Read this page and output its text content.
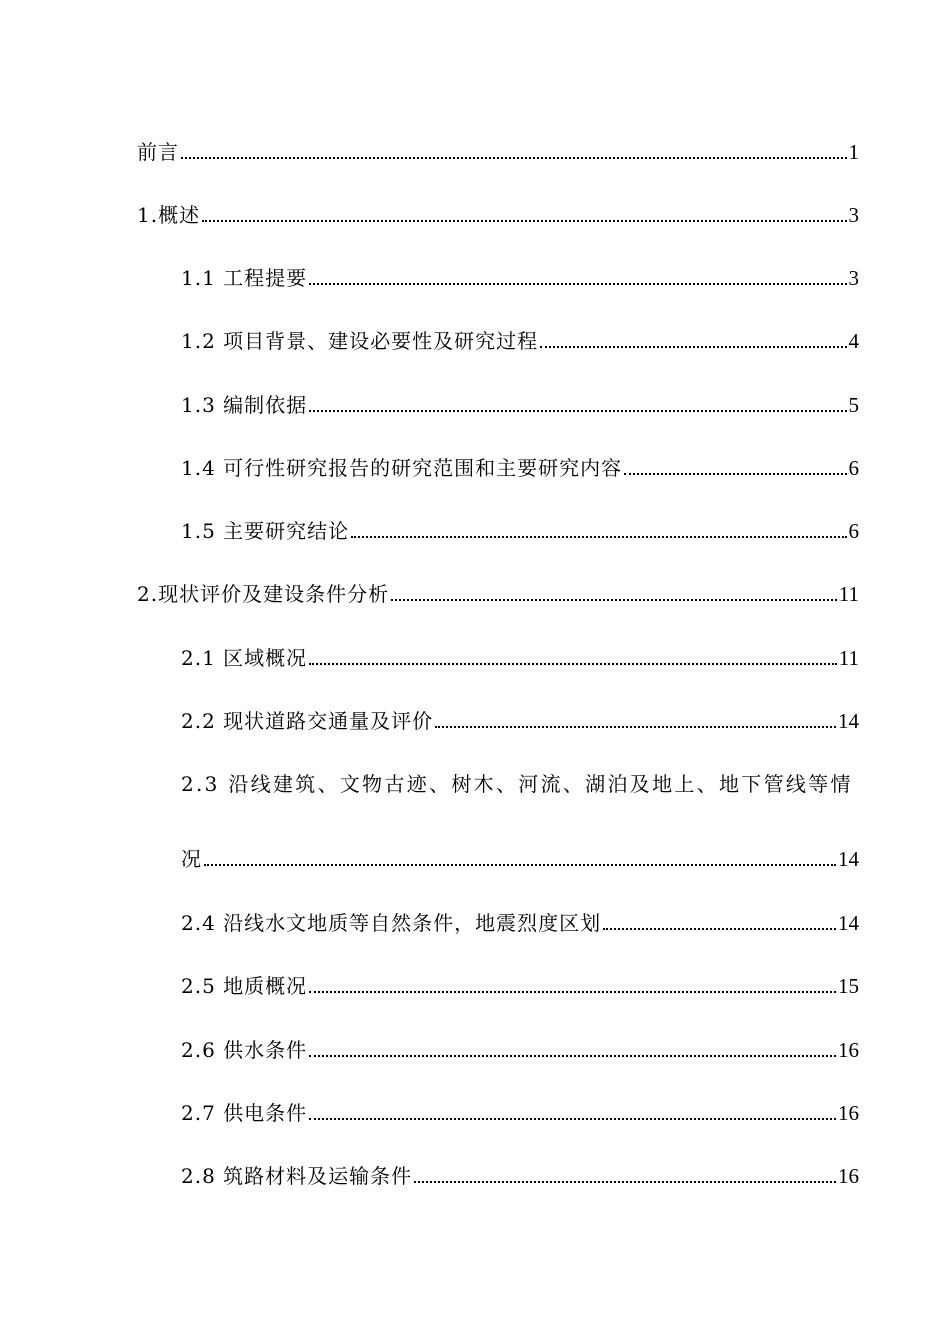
前言	1
1.概述	3
1.1 工程提要	3
1.2 项目背景、建设必要性及研究过程	4
1.3 编制依据	5
1.4 可行性研究报告的研究范围和主要研究内容	6
1.5 主要研究结论	6
2.现状评价及建设条件分析	11
2.1 区域概况	11
2.2 现状道路交通量及评价	14
2.3 沿线建筑、文物古迹、树木、河流、湖泊及地上、地下管线等情
况	14
2.4 沿线水文地质等自然条件，地震烈度区划	14
2.5 地质概况	15
2.6 供水条件	16
2.7 供电条件	16
2.8 筑路材料及运输条件	16
